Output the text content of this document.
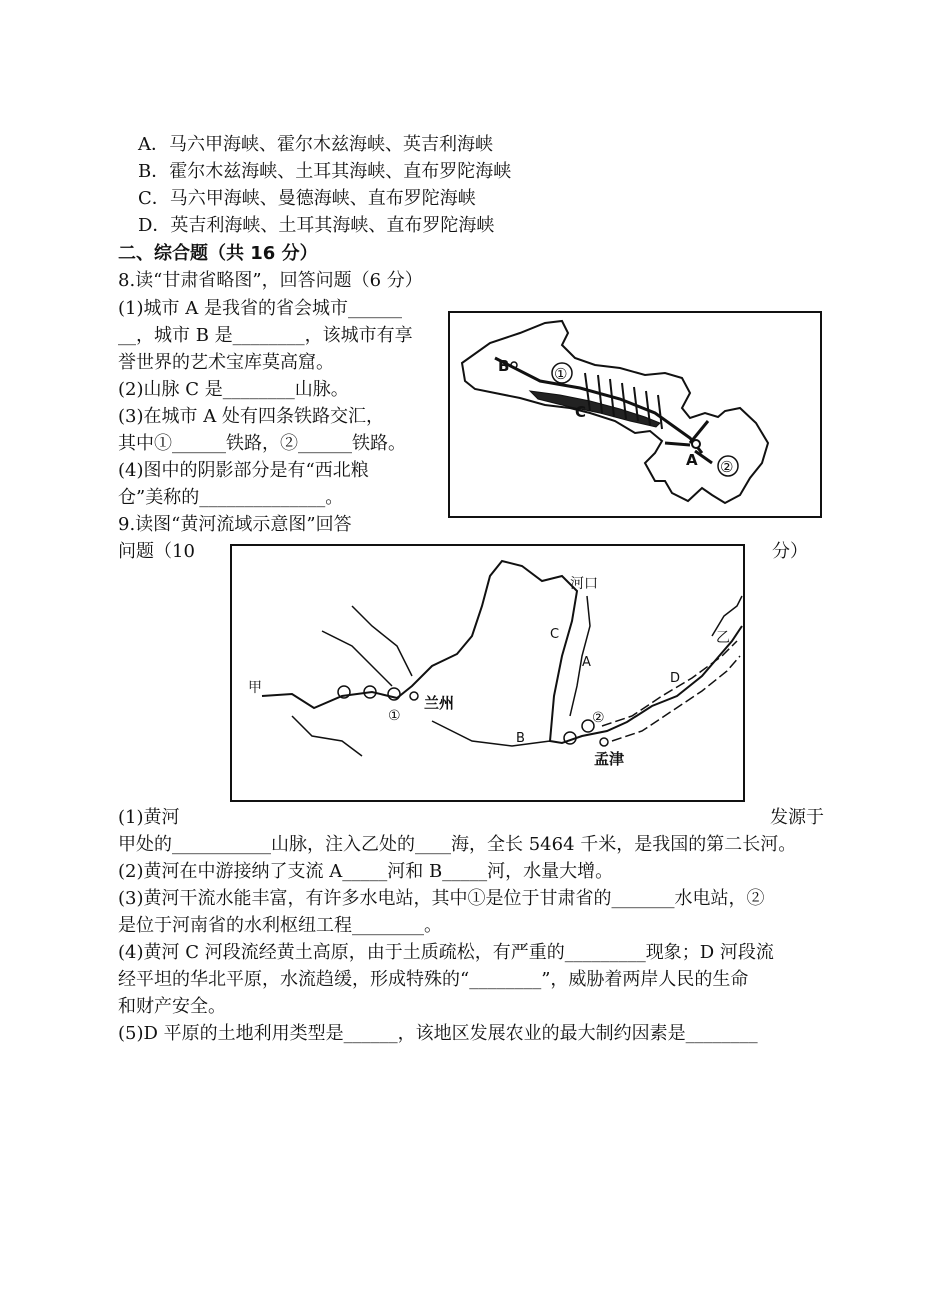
A．马六甲海峡、霍尔木兹海峡、英吉利海峡
B．霍尔木兹海峡、土耳其海峡、直布罗陀海峡
C．马六甲海峡、曼德海峡、直布罗陀海峡
D．英吉利海峡、土耳其海峡、直布罗陀海峡
二、综合题（共 16 分）
8.读“甘肃省略图”，回答问题（6 分）
(1)城市 A 是我省的省会城市______
__，城市 B 是________，该城市有享
誉世界的艺术宝库莫高窟。
(2)山脉 C 是________山脉。
(3)在城市 A 处有四条铁路交汇，
其中①______铁路，②______铁路。
(4)图中的阴影部分是有“西北粮
仓”美称的______________。
B	①
C
A ②
9.读图“黄河流域示意图”回答
问题（10	分）
河口
C
A
乙
D
甲
兰州
①	②
B
孟津
(1)黄河	发源于
甲处的___________山脉，注入乙处的____海，全长 5464 千米，是我国的第二长河。
(2)黄河在中游接纳了支流 A_____河和 B_____河，水量大增。
(3)黄河干流水能丰富，有许多水电站，其中①是位于甘肃省的_______水电站，②
是位于河南省的水利枢纽工程________。
(4)黄河 C 河段流经黄土高原，由于土质疏松，有严重的_________现象；D 河段流
经平坦的华北平原，水流趋缓，形成特殊的“________”，威胁着两岸人民的生命
和财产安全。
(5)D 平原的土地利用类型是______，该地区发展农业的最大制约因素是________
